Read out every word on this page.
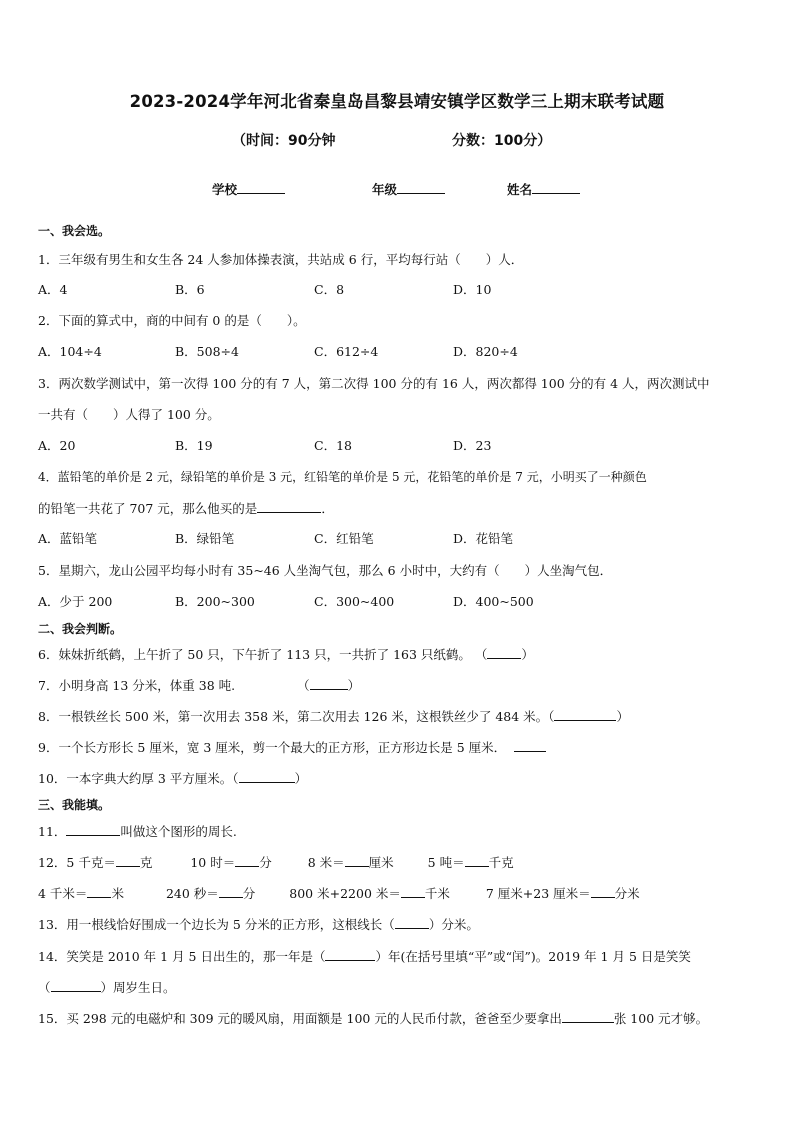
2023-2024学年河北省秦皇岛昌黎县靖安镇学区数学三上期末联考试题
（时间：90分钟	分数：100分）
学校	年级	姓名
一、我会选。
1．三年级有男生和女生各 24 人参加体操表演，共站成 6 行，平均每行站（　　）人．
A．4	B．6	C．8	D．10
2．下面的算式中，商的中间有 0 的是（　　）。
A．104÷4	B．508÷4	C．612÷4	D．820÷4
3．两次数学测试中，第一次得 100 分的有 7 人，第二次得 100 分的有 16 人，两次都得 100 分的有 4 人，两次测试中
一共有（　　）人得了 100 分。
A．20	B．19	C．18	D．23
4．蓝铅笔的单价是 2 元，绿铅笔的单价是 3 元，红铅笔的单价是 5 元，花铅笔的单价是 7 元，小明买了一种颜色
的铅笔一共花了 707 元，那么他买的是	．
A．蓝铅笔	B．绿铅笔	C．红铅笔	D．花铅笔
5．星期六，龙山公园平均每小时有 35~46 人坐淘气包，那么 6 小时中，大约有（　　）人坐淘气包．
A．少于 200	B．200~300	C．300~400	D．400~500
二、我会判断。
6．妹妹折纸鹤，上午折了 50 只，下午折了 113 只，一共折了 163 只纸鹤。 （	）
7．小明身高 13 分米，体重 38 吨.	（	）
8．一根铁丝长 500 米，第一次用去 358 米，第二次用去 126 米，这根铁丝少了 484 米。（	）
9．一个长方形长 5 厘米，宽 3 厘米，剪一个最大的正方形，正方形边长是 5 厘米．
10．一本字典大约厚 3 平方厘米。（	）
三、我能填。
11．	叫做这个图形的周长.
12．5 千克＝ 克	10 时＝ 分	8 米＝ 厘米	5 吨＝ 千克
4 千米＝ 米	240 秒＝ 分	800 米+2200 米＝ 千米	7 厘米+23 厘米＝ 分米
13．用一根线恰好围成一个边长为 5 分米的正方形，这根线长（	）分米。
14．笑笑是 2010 年 1 月 5 日出生的，那一年是（	）年(在括号里填“平”或“闰”)。2019 年 1 月 5 日是笑笑
（	）周岁生日。
15．买 298 元的电磁炉和 309 元的暖风扇，用面额是 100 元的人民币付款，爸爸至少要拿出	张 100 元才够。
